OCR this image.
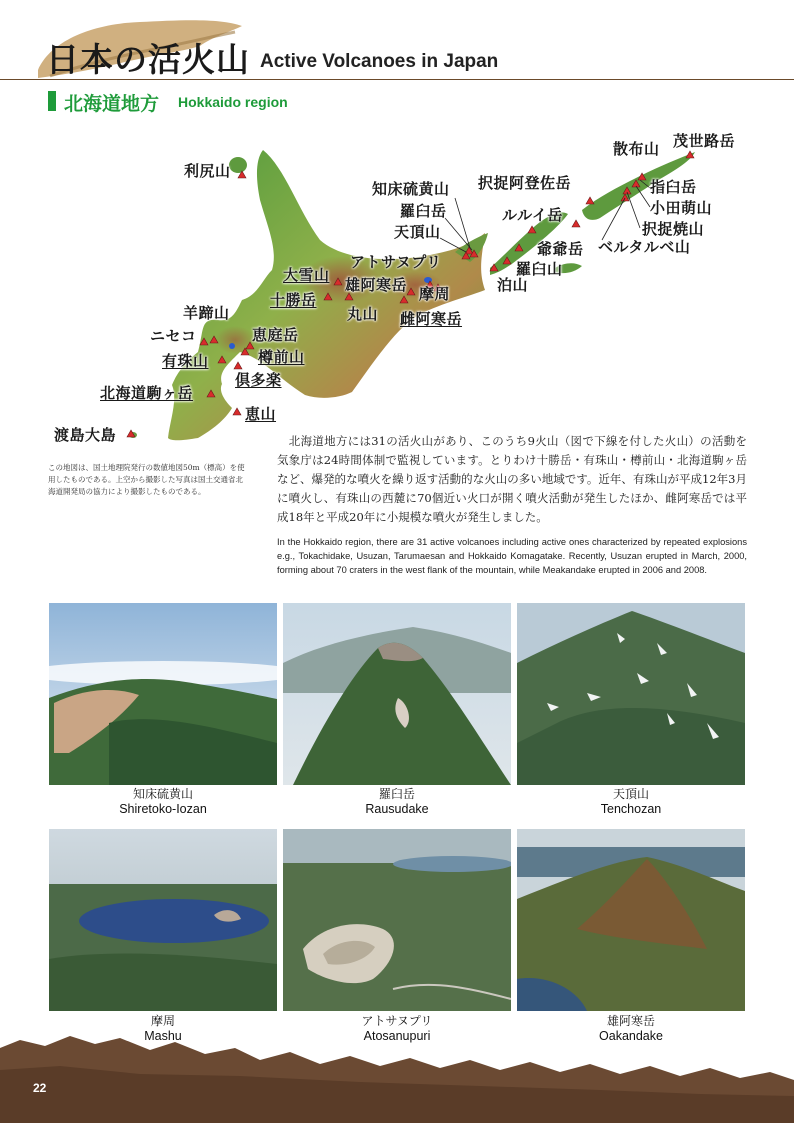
日本の活火山 Active Volcanoes in Japan
北海道地方 Hokkaido region
利尻山
知床硫黄山
羅臼岳
天頂山
アトサヌプリ
大雪山
雄阿寒岳 摩周
雌阿寒岳
十勝岳
丸山
羊蹄山
ニセコ	恵庭岳
樽前山
有珠山
倶多楽
北海道駒ヶ岳
恵山
渡島大島
散布山 茂世路岳
択捉阿登佐岳	指臼岳
小田萌山
択捉焼山
ルルイ岳
爺爺岳 ベルタルベ山
羅臼山
泊山
この地図は、国土地理院発行の数値地図50m（標高）を使用したものである。上空から撮影した写真は国土交通省北海道開発局の協力により撮影したものである。
　北海道地方には31の活火山があり、このうち9火山（図で下線を付した火山）の活動を気象庁は24時間体制で監視しています。とりわけ十勝岳・有珠山・樽前山・北海道駒ヶ岳など、爆発的な噴火を繰り返す活動的な火山の多い地域です。近年、有珠山が平成12年3月に噴火し、有珠山の西麓に70個近い火口が開く噴火活動が発生したほか、雌阿寒岳では平成18年と平成20年に小規模な噴火が発生しました。
In the Hokkaido region, there are 31 active volcanoes including active ones characterized by repeated explosions e.g., Tokachidake, Usuzan, Tarumaesan and Hokkaido Komagatake. Recently, Usuzan erupted in March, 2000, forming about 70 craters in the west flank of the mountain, while Meakandake erupted in 2006 and 2008.
知床硫黄山
Shiretoko-Iozan
羅臼岳
Rausudake
天頂山
Tenchozan
摩周
Mashu
アトサヌプリ
Atosanupuri
雄阿寒岳
Oakandake
22
